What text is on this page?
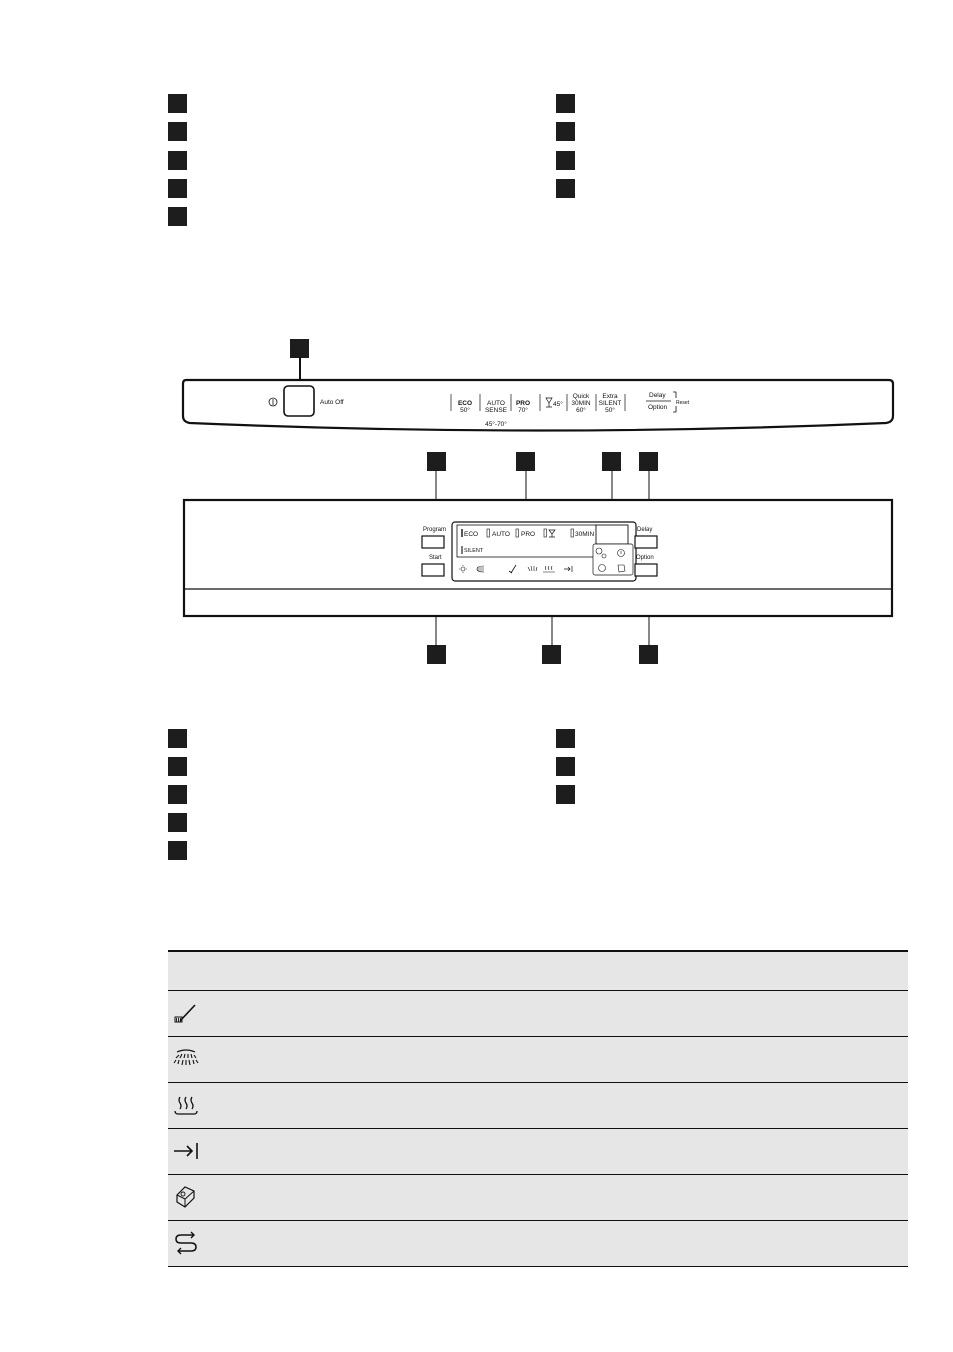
Auto Off	ECO
50°

AUTO
SENSE

45°-70°

PRO
70°
45°
Quick
30MIN
60°
Extra
SILENT
50°
Delay
Option
Reset
Program
Start
Delay
Option
ECO AUTO PRO	30MIN
SILENT
